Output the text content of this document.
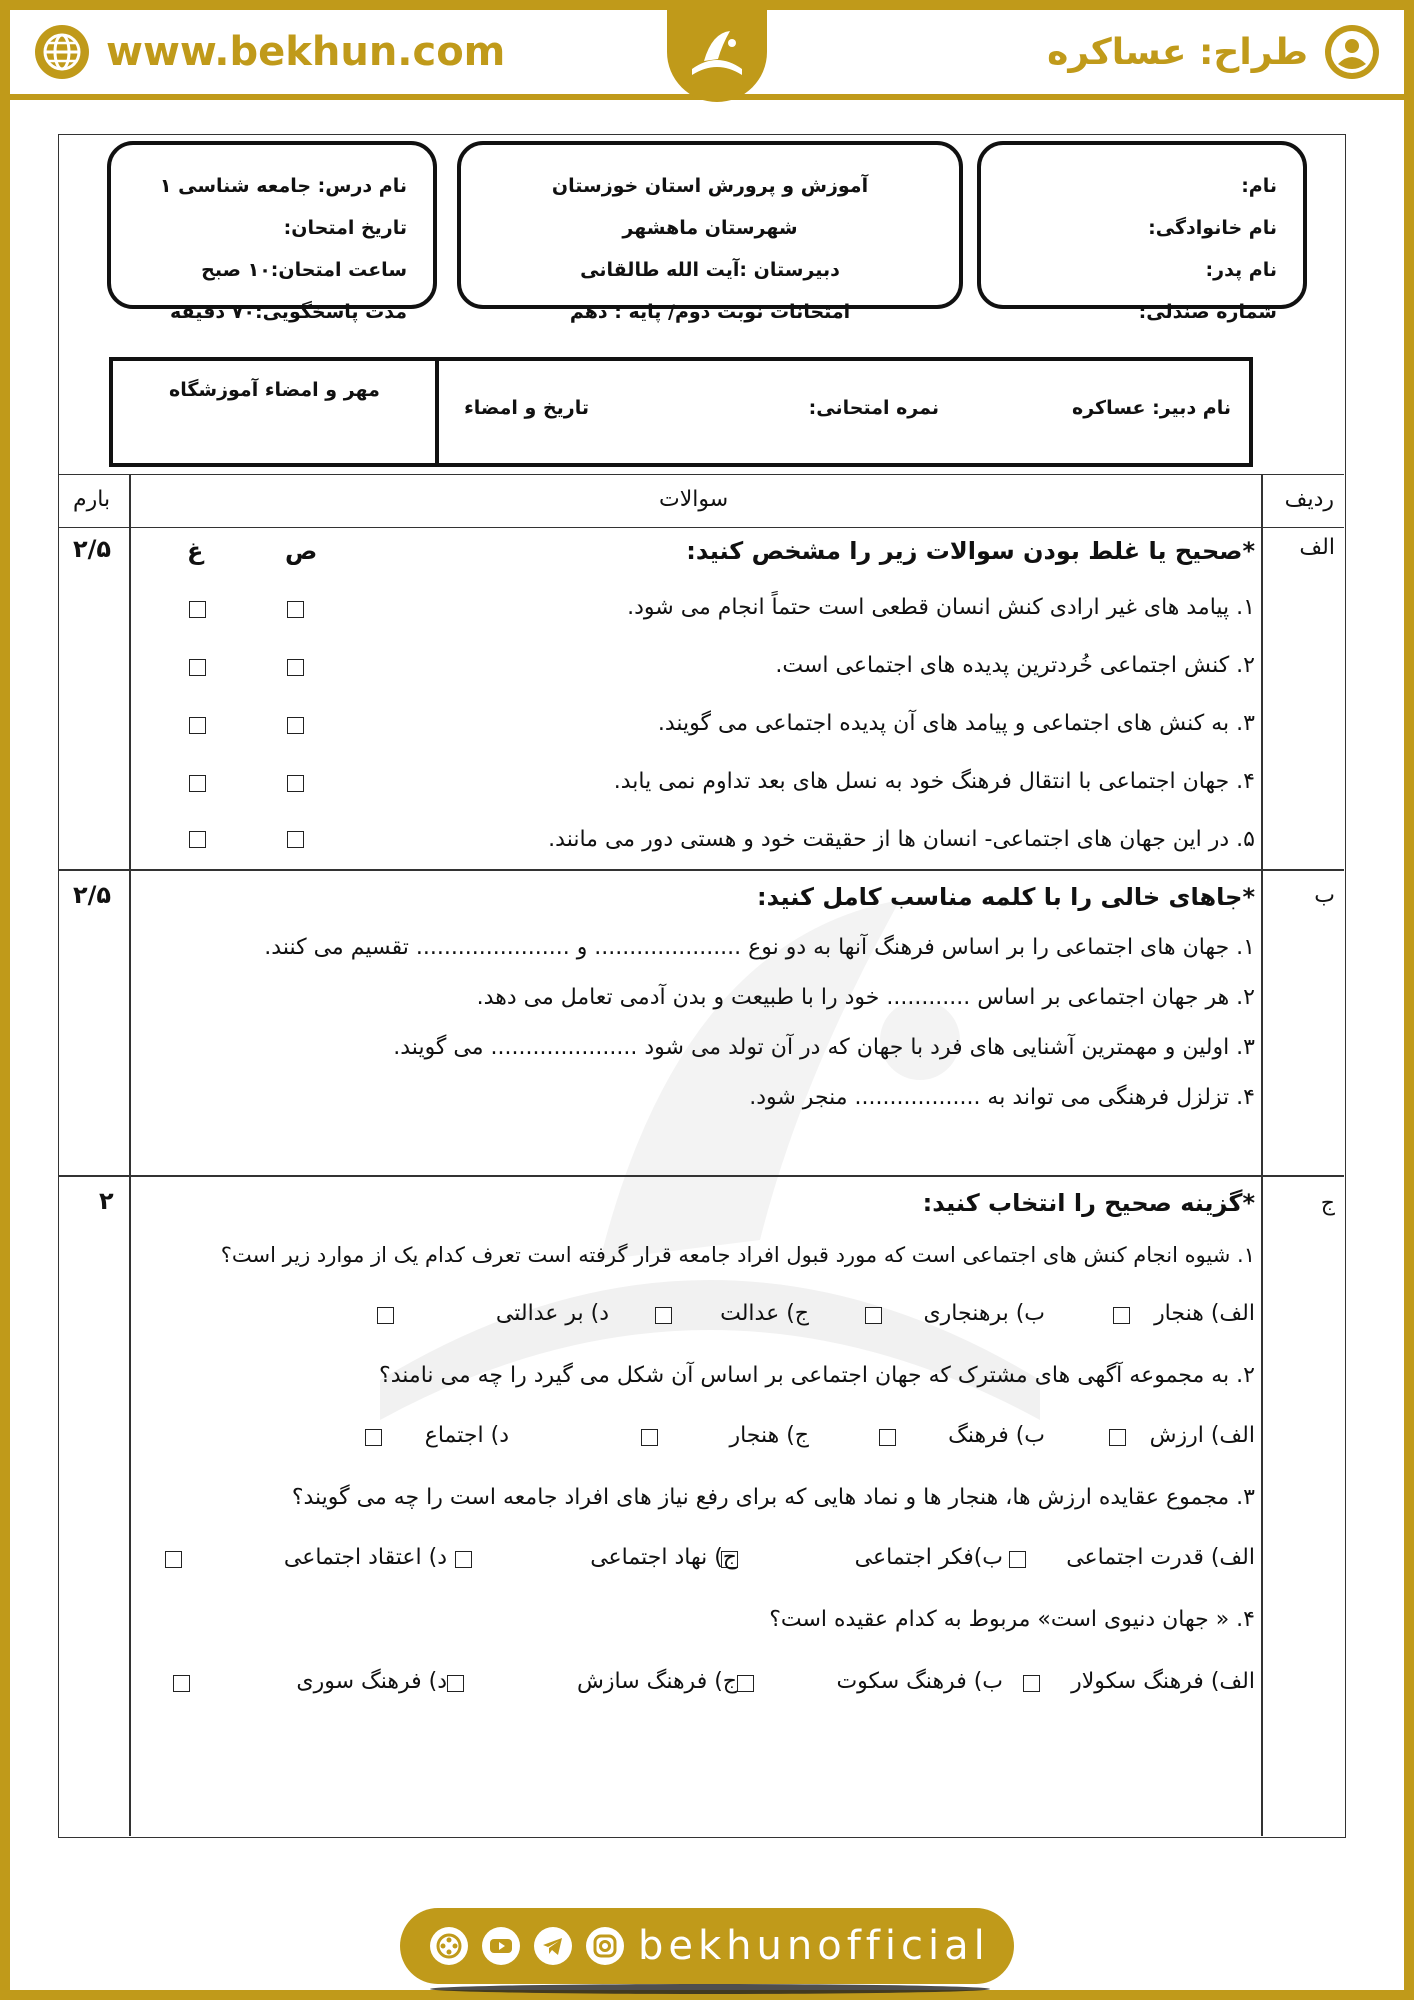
www.bekhun.com	طراح: عساکره
نام درس: جامعه شناسی ۱
تاریخ امتحان:
ساعت امتحان:۱۰ صبح
مدت پاسخگویی:۷۰ دقیقه
آموزش و پرورش استان خوزستان
شهرستان ماهشهر
دبیرستان :آیت الله طالقانی
امتحانات نوبت دوم/ پایه : دهم
نام:
نام خانوادگی:
نام پدر:
شماره صندلی:
نام دبیر: عساکره
نمره امتحانی:
تاریخ و امضاء
مهر و امضاء آموزشگاه
ردیف
سوالات
بارم
الف
۲/۵	*صحیح یا غلط بودن سوالات زیر را مشخص کنید:
ص
غ
۱. پیامد های غیر ارادی کنش انسان قطعی است حتماً انجام می شود.
۲. کنش اجتماعی خُردترین پدیده های اجتماعی است.
۳. به کنش های اجتماعی و پیامد های آن پدیده اجتماعی می گویند.
۴. جهان اجتماعی با انتقال فرهنگ خود به نسل های بعد تداوم نمی یابد.
۵. در این جهان های اجتماعی- انسان ها از حقیقت خود و هستی دور می مانند.
ب
۲/۵	*جاهای خالی را با کلمه مناسب کامل کنید:
۱. جهان های اجتماعی را بر اساس فرهنگ آنها به دو نوع ..................... و ...................... تقسیم می کنند.
۲. هر جهان اجتماعی بر اساس ............ خود را با طبیعت و بدن آدمی تعامل می دهد.
۳. اولین و مهمترین آشنایی های فرد با جهان که در آن تولد می شود ..................... می گویند.
۴. تزلزل فرهنگی می تواند به .................. منجر شود.
ج
۲	*گزینه صحیح را انتخاب کنید:
۱. شیوه انجام کنش های اجتماعی است که مورد قبول افراد جامعه قرار گرفته است تعرف کدام یک از موارد زیر است؟
الف) هنجار
ب) برهنجاری
ج) عدالت
د) بر عدالتی
۲. به مجموعه آگهی های مشترک که جهان اجتماعی بر اساس آن شکل می گیرد را چه می نامند؟
الف) ارزش
ب) فرهنگ
ج) هنجار
د) اجتماع
۳. مجموع عقایده ارزش ها، هنجار ها و نماد هایی که برای رفع نیاز های افراد جامعه است را چه می گویند؟
الف) قدرت اجتماعی
ب)فکر اجتماعی
ج) نهاد اجتماعی
د) اعتقاد اجتماعی
۴. « جهان دنیوی است» مربوط به کدام عقیده است؟
الف) فرهنگ سکولار
ب) فرهنگ سکوت
ج) فرهنگ سازش
د) فرهنگ سوری
bekhunofficial
